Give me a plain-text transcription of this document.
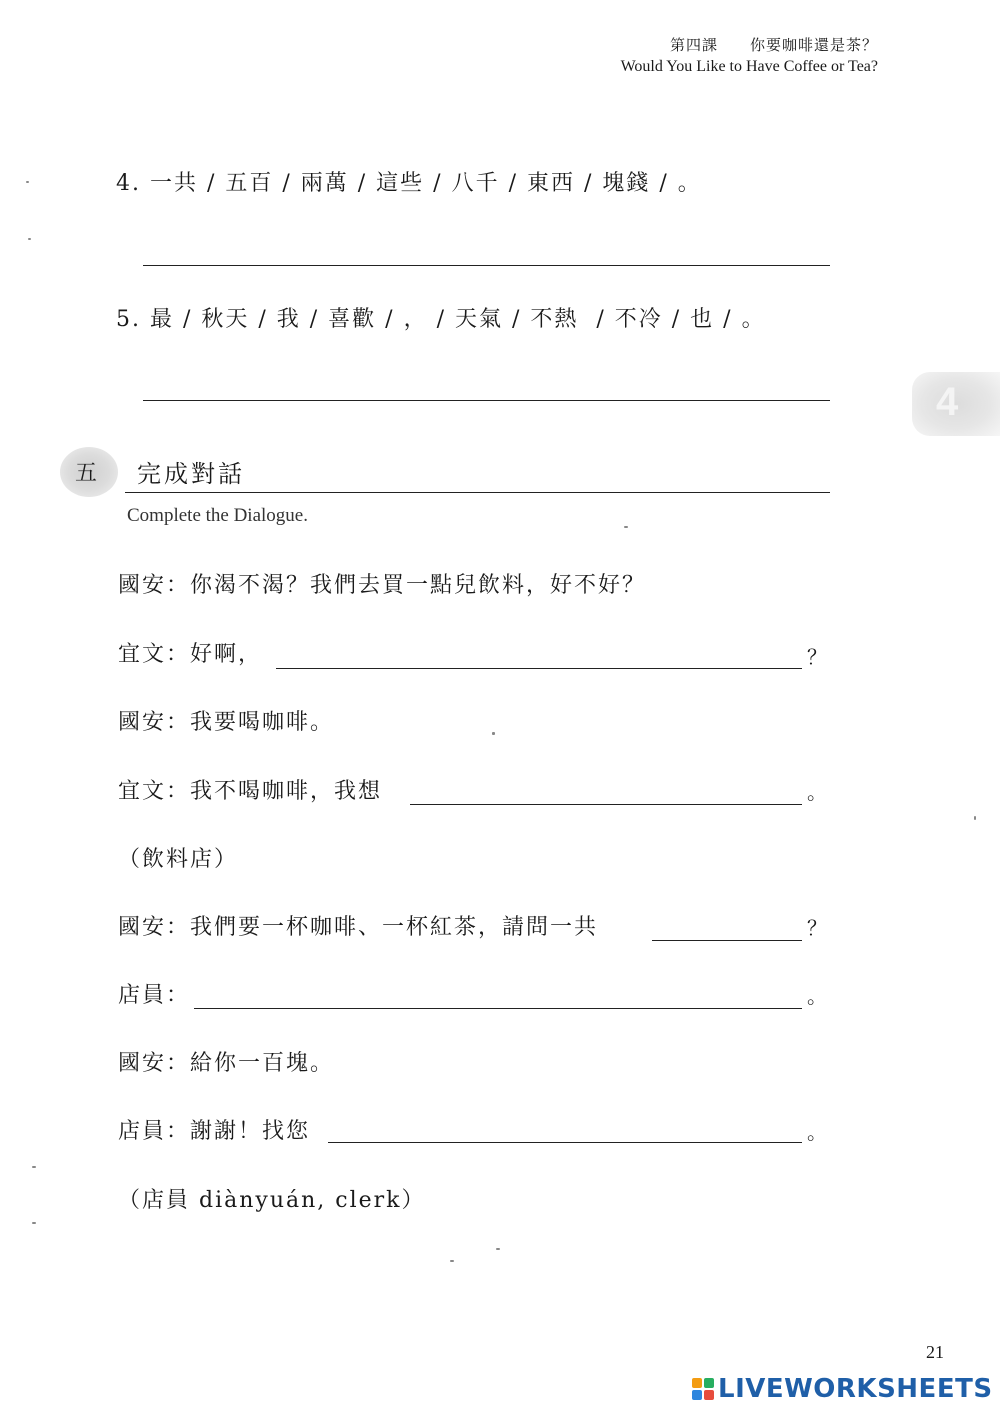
第四課　　你要咖啡還是茶？
Would You Like to Have Coffee or Tea?
4. 一共 / 五百 / 兩萬 / 這些 / 八千 / 東西 / 塊錢 / 。
5. 最 / 秋天 / 我 / 喜歡 / ， / 天氣 / 不熱  / 不冷 / 也 / 。
4
五 完成對話
Complete the Dialogue.
國安：你渴不渴？我們去買一點兒飲料，好不好？
宜文：好啊，	？
國安：我要喝咖啡。
宜文：我不喝咖啡，我想	。
（飲料店）
國安：我們要一杯咖啡、一杯紅茶，請問一共	？
店員：	。
國安：給你一百塊。
店員：謝謝！找您	。
（店員 diànyuán, clerk）
21
LIVEWORKSHEETS
